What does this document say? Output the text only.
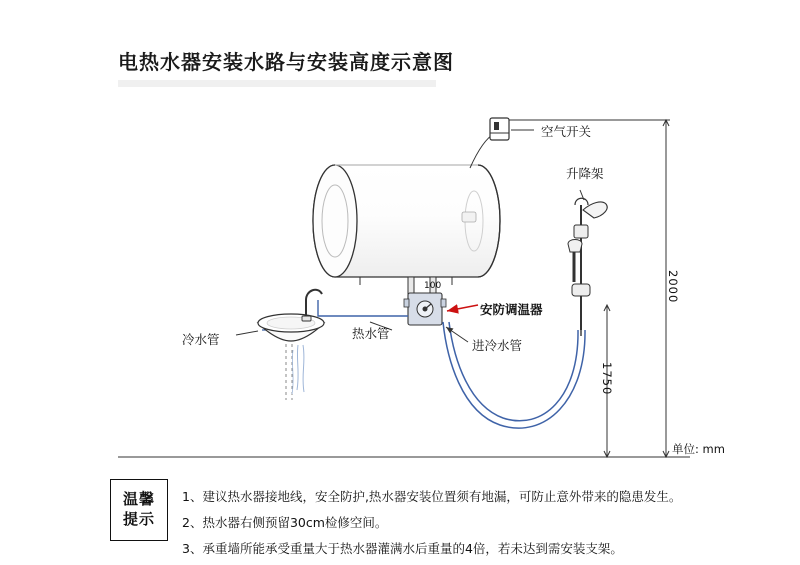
电热水器安装水路与安装高度示意图
100
空气开关
升降架
安防调温器
冷水管	热水管
进冷水管
2000
1750
单位: mm
温馨
提示
1、建议热水器接地线，安全防护,热水器安装位置须有地漏，可防止意外带来的隐患发生。
2、热水器右侧预留30cm检修空间。
3、承重墙所能承受重量大于热水器灌满水后重量的4倍，若未达到需安装支架。
